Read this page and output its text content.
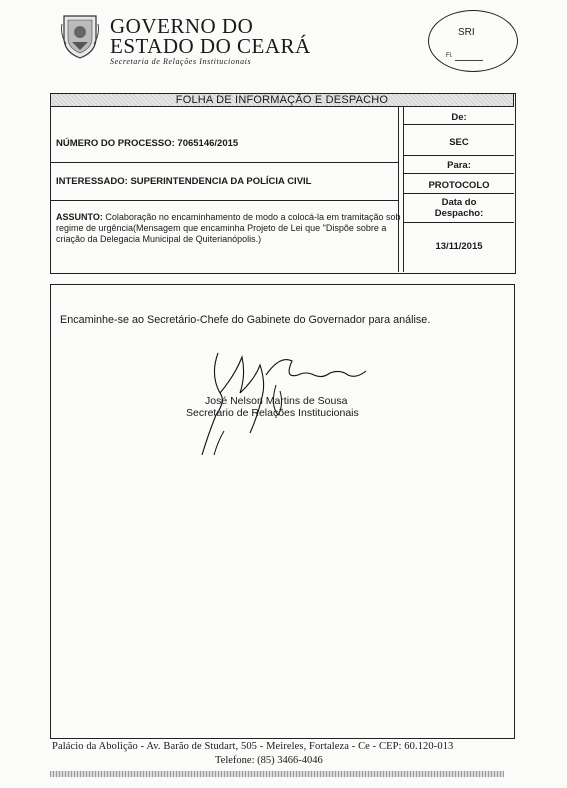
GOVERNO DO
ESTADO DO CEARÁ
Secretaria de Relações Institucionais
SRI
Fl.
FOLHA DE INFORMAÇÃO E DESPACHO
NÚMERO DO PROCESSO: 7065146/2015
INTERESSADO: SUPERINTENDENCIA DA POLÍCIA CIVIL
ASSUNTO: Colaboração no encaminhamento de modo a colocá-la em tramitação sob regime de urgência(Mensagem que encaminha Projeto de Lei que "Dispõe sobre a criação da Delegacia Municipal de Quiterianópolis.)
De:
SEC
Para:
PROTOCOLO
Data do
Despacho:
13/11/2015
Encaminhe-se ao Secretário-Chefe do Gabinete do Governador para análise.
José Nelson Martins de Sousa
Secretário de Relações Institucionais
Palácio da Abolição - Av. Barão de Studart, 505 - Meireles, Fortaleza - Ce - CEP: 60.120-013
Telefone: (85) 3466-4046
